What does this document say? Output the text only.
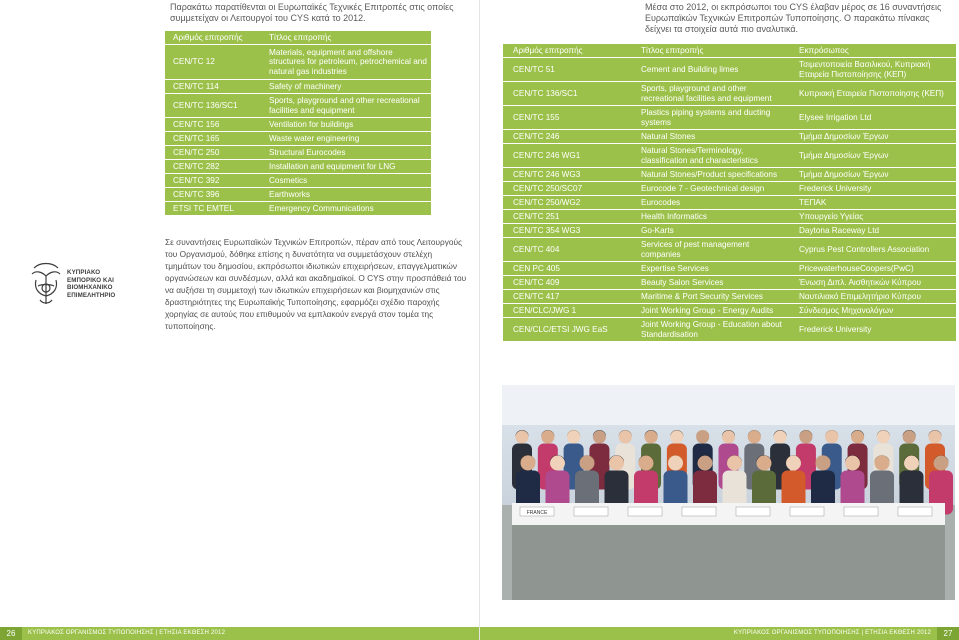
Παρακάτω παρατίθενται οι Ευρωπαϊκές Τεχνικές Επιτροπές στις οποίες συμμετείχαν οι Λειτουργοί του CYS κατά το 2012.

Αριθμός επιτροπής	Τίτλος επιτροπής
CEN/TC 12	Materials, equipment and offshore structures for petroleum, petrochemical and natural gas industries
CEN/TC 114	Safety of machinery
CEN/TC 136/SC1	Sports, playground and other recreational facilities and equipment
CEN/TC 156	Ventilation for buildings
CEN/TC 165	Waste water engineering
CEN/TC 250	Structural Eurocodes
CEN/TC 282	Installation and equipment for LNG
CEN/TC 392	Cosmetics
CEN/TC 396	Earthworks
ETSI TC EMTEL	Emergency Communications

Σε συναντήσεις Ευρωπαϊκών Τεχνικών Επιτροπών, πέραν από τους Λειτουργούς του Οργανισμού, δόθηκε επίσης η δυνατότητα να συμμετάσχουν στελέχη τμημάτων του δημοσίου, εκπρόσωποι ιδιωτικών επιχειρήσεων, επαγγελματικών οργανώσεων και συνδέσμων, αλλά και ακαδημαϊκοί. Ο CYS στην προσπάθειά του να αυξήσει τη συμμετοχή των ιδιωτικών επιχειρήσεων και βιομηχανιών στις δραστηριότητες της Ευρωπαϊκής Τυποποίησης, εφαρμόζει σχέδιο παροχής χορηγίας σε αυτούς που επιθυμούν να εμπλακούν ενεργά στον τομέα της τυποποίησης.

ΚΥΠΡΙΑΚΟ
ΕΜΠΟΡΙΚΟ ΚΑΙ
ΒΙΟΜΗΧΑΝΙΚΟ
ΕΠΙΜΕΛΗΤΗΡΙΟ

Μέσα στο 2012, οι εκπρόσωποι του CYS έλαβαν μέρος σε 16 συναντήσεις Ευρωπαϊκών Τεχνικών Επιτροπών Τυποποίησης. Ο παρακάτω πίνακας δείχνει τα στοιχεία αυτά πιο αναλυτικά.

Αριθμός επιτροπής	Τίτλος επιτροπής	Εκπρόσωπος
CEN/TC 51	Cement and Building limes	Τσιμεντοποιεία Βασιλικού, Κυπριακή Εταιρεία Πιστοποίησης (ΚΕΠ)
CEN/TC 136/SC1	Sports, playground and other recreational facilities and equipment	Κυπριακή Εταιρεία Πιστοποίησης (ΚΕΠ)
CEN/TC 155	Plastics piping systems and ducting systems	Elysee Irrigation Ltd
CEN/TC 246	Natural Stones	Τμήμα Δημοσίων Έργων
CEN/TC 246 WG1	Natural Stones/Terminology, classification and characteristics	Τμήμα Δημοσίων Έργων
CEN/TC 246 WG3	Natural Stones/Product specifications	Τμήμα Δημοσίων Έργων
CEN/TC 250/SC07	Eurocode 7 - Geotechnical design	Frederick University
CEN/TC 250/WG2	Eurocodes	ΤΕΠΑΚ
CEN/TC 251	Health Informatics	Υπουργείο Υγείας
CEN/TC 354 WG3	Go-Karts	Daytona Raceway Ltd
CEN/TC 404	Services of pest management companies	Cyprus Pest Controllers Association
CEN PC 405	Expertise Services	PricewaterhouseCoopers(PwC)
CEN/TC 409	Beauty Salon Services	Ένωση Διπλ. Αισθητικών Κύπρου
CEN/TC 417	Maritime & Port Security Services	Ναυτιλιακό Επιμελητήριο Κύπρου
CEN/CLC/JWG 1	Joint Working Group - Energy Audits	Σύνδεσμος Μηχανολόγων
CEN/CLC/ETSI JWG EaS	Joint Working Group - Education about Standardisation	Frederick University
FRANCE
26	ΚΥΠΡΙΑΚΟΣ ΟΡΓΑΝΙΣΜΟΣ ΤΥΠΟΠΟΙΗΣΗΣ | ΕΤΗΣΙΑ ΕΚΘΕΣΗ 2012	ΚΥΠΡΙΑΚΟΣ ΟΡΓΑΝΙΣΜΟΣ ΤΥΠΟΠΟΙΗΣΗΣ | ΕΤΗΣΙΑ ΕΚΘΕΣΗ 2012	27
